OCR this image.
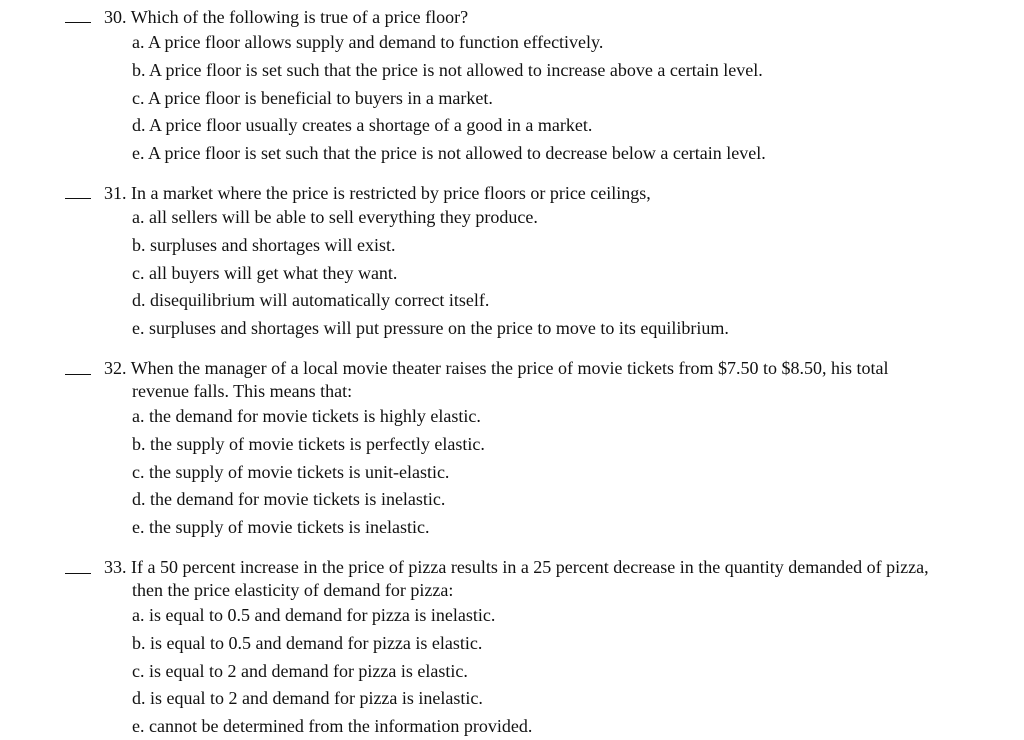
30. Which of the following is true of a price floor?
a. A price floor allows supply and demand to function effectively.
b. A price floor is set such that the price is not allowed to increase above a certain level.
c. A price floor is beneficial to buyers in a market.
d. A price floor usually creates a shortage of a good in a market.
e. A price floor is set such that the price is not allowed to decrease below a certain level.
31. In a market where the price is restricted by price floors or price ceilings,
a. all sellers will be able to sell everything they produce.
b. surpluses and shortages will exist.
c. all buyers will get what they want.
d. disequilibrium will automatically correct itself.
e. surpluses and shortages will put pressure on the price to move to its equilibrium.
32. When the manager of a local movie theater raises the price of movie tickets from $7.50 to $8.50, his total
revenue falls. This means that:
a. the demand for movie tickets is highly elastic.
b. the supply of movie tickets is perfectly elastic.
c. the supply of movie tickets is unit-elastic.
d. the demand for movie tickets is inelastic.
e. the supply of movie tickets is inelastic.
33. If a 50 percent increase in the price of pizza results in a 25 percent decrease in the quantity demanded of pizza,
then the price elasticity of demand for pizza:
a. is equal to 0.5 and demand for pizza is inelastic.
b. is equal to 0.5 and demand for pizza is elastic.
c. is equal to 2 and demand for pizza is elastic.
d. is equal to 2 and demand for pizza is inelastic.
e. cannot be determined from the information provided.
